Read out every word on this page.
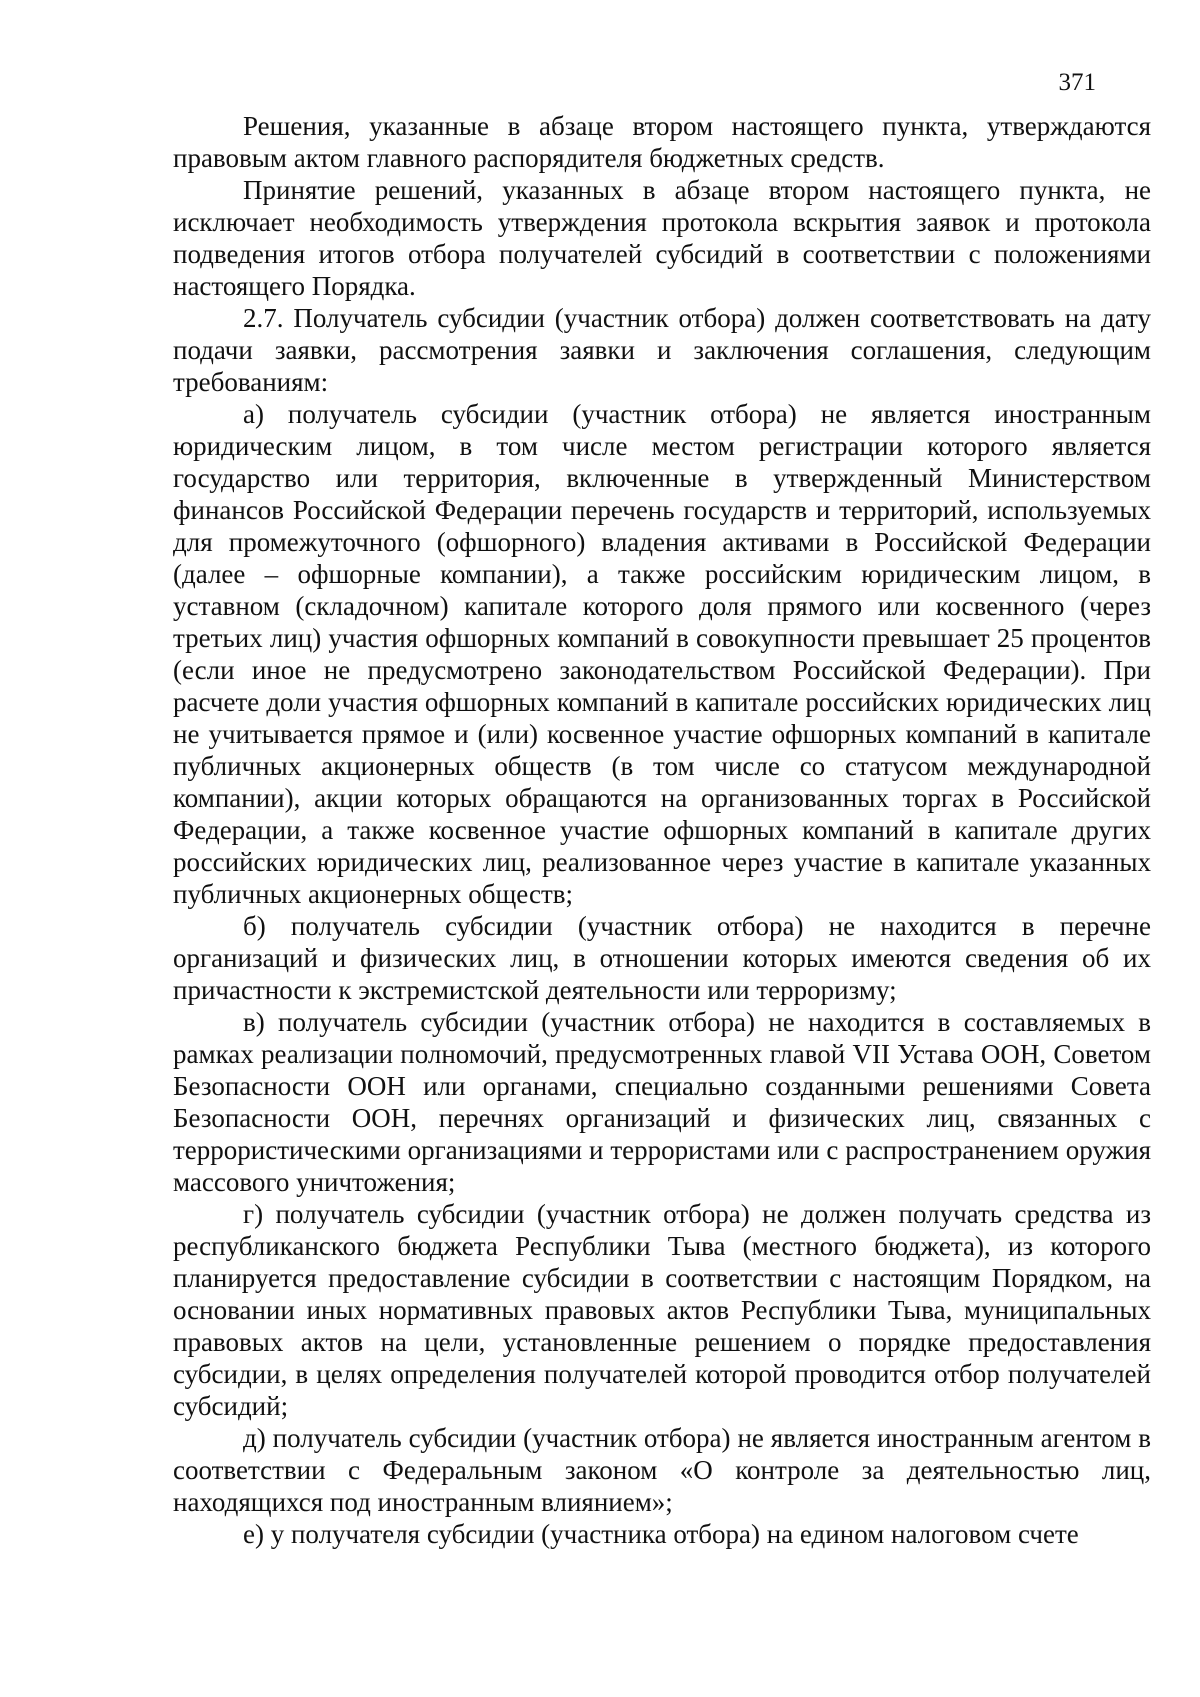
371

Решения, указанные в абзаце втором настоящего пункта, утверждаются правовым актом главного распорядителя бюджетных средств.

Принятие решений, указанных в абзаце втором настоящего пункта, не исключает необходимость утверждения протокола вскрытия заявок и протокола подведения итогов отбора получателей субсидий в соответствии с положениями настоящего Порядка.

2.7. Получатель субсидии (участник отбора) должен соответствовать на дату подачи заявки, рассмотрения заявки и заключения соглашения, следующим требованиям:

а) получатель субсидии (участник отбора) не является иностранным юридическим лицом, в том числе местом регистрации которого является государство или территория, включенные в утвержденный Министерством финансов Российской Федерации перечень государств и территорий, используемых для промежуточного (офшорного) владения активами в Российской Федерации (далее – офшорные компании), а также российским юридическим лицом, в уставном (складочном) капитале которого доля прямого или косвенного (через третьих лиц) участия офшорных компаний в совокупности превышает 25 процентов (если иное не предусмотрено законодательством Российской Федерации). При расчете доли участия офшорных компаний в капитале российских юридических лиц не учитывается прямое и (или) косвенное участие офшорных компаний в капитале публичных акционерных обществ (в том числе со статусом международной компании), акции которых обращаются на организованных торгах в Российской Федерации, а также косвенное участие офшорных компаний в капитале других российских юридических лиц, реализованное через участие в капитале указанных публичных акционерных обществ;

б) получатель субсидии (участник отбора) не находится в перечне организаций и физических лиц, в отношении которых имеются сведения об их причастности к экстремистской деятельности или терроризму;

в) получатель субсидии (участник отбора) не находится в составляемых в рамках реализации полномочий, предусмотренных главой VII Устава ООН, Советом Безопасности ООН или органами, специально созданными решениями Совета Безопасности ООН, перечнях организаций и физических лиц, связанных с террористическими организациями и террористами или с распространением оружия массового уничтожения;

г) получатель субсидии (участник отбора) не должен получать средства из республиканского бюджета Республики Тыва (местного бюджета), из которого планируется предоставление субсидии в соответствии с настоящим Порядком, на основании иных нормативных правовых актов Республики Тыва, муниципальных правовых актов на цели, установленные решением о порядке предоставления субсидии, в целях определения получателей которой проводится отбор получателей субсидий;

д) получатель субсидии (участник отбора) не является иностранным агентом в соответствии с Федеральным законом «О контроле за деятельностью лиц, находящихся под иностранным влиянием»;

е) у получателя субсидии (участника отбора) на едином налоговом счете
